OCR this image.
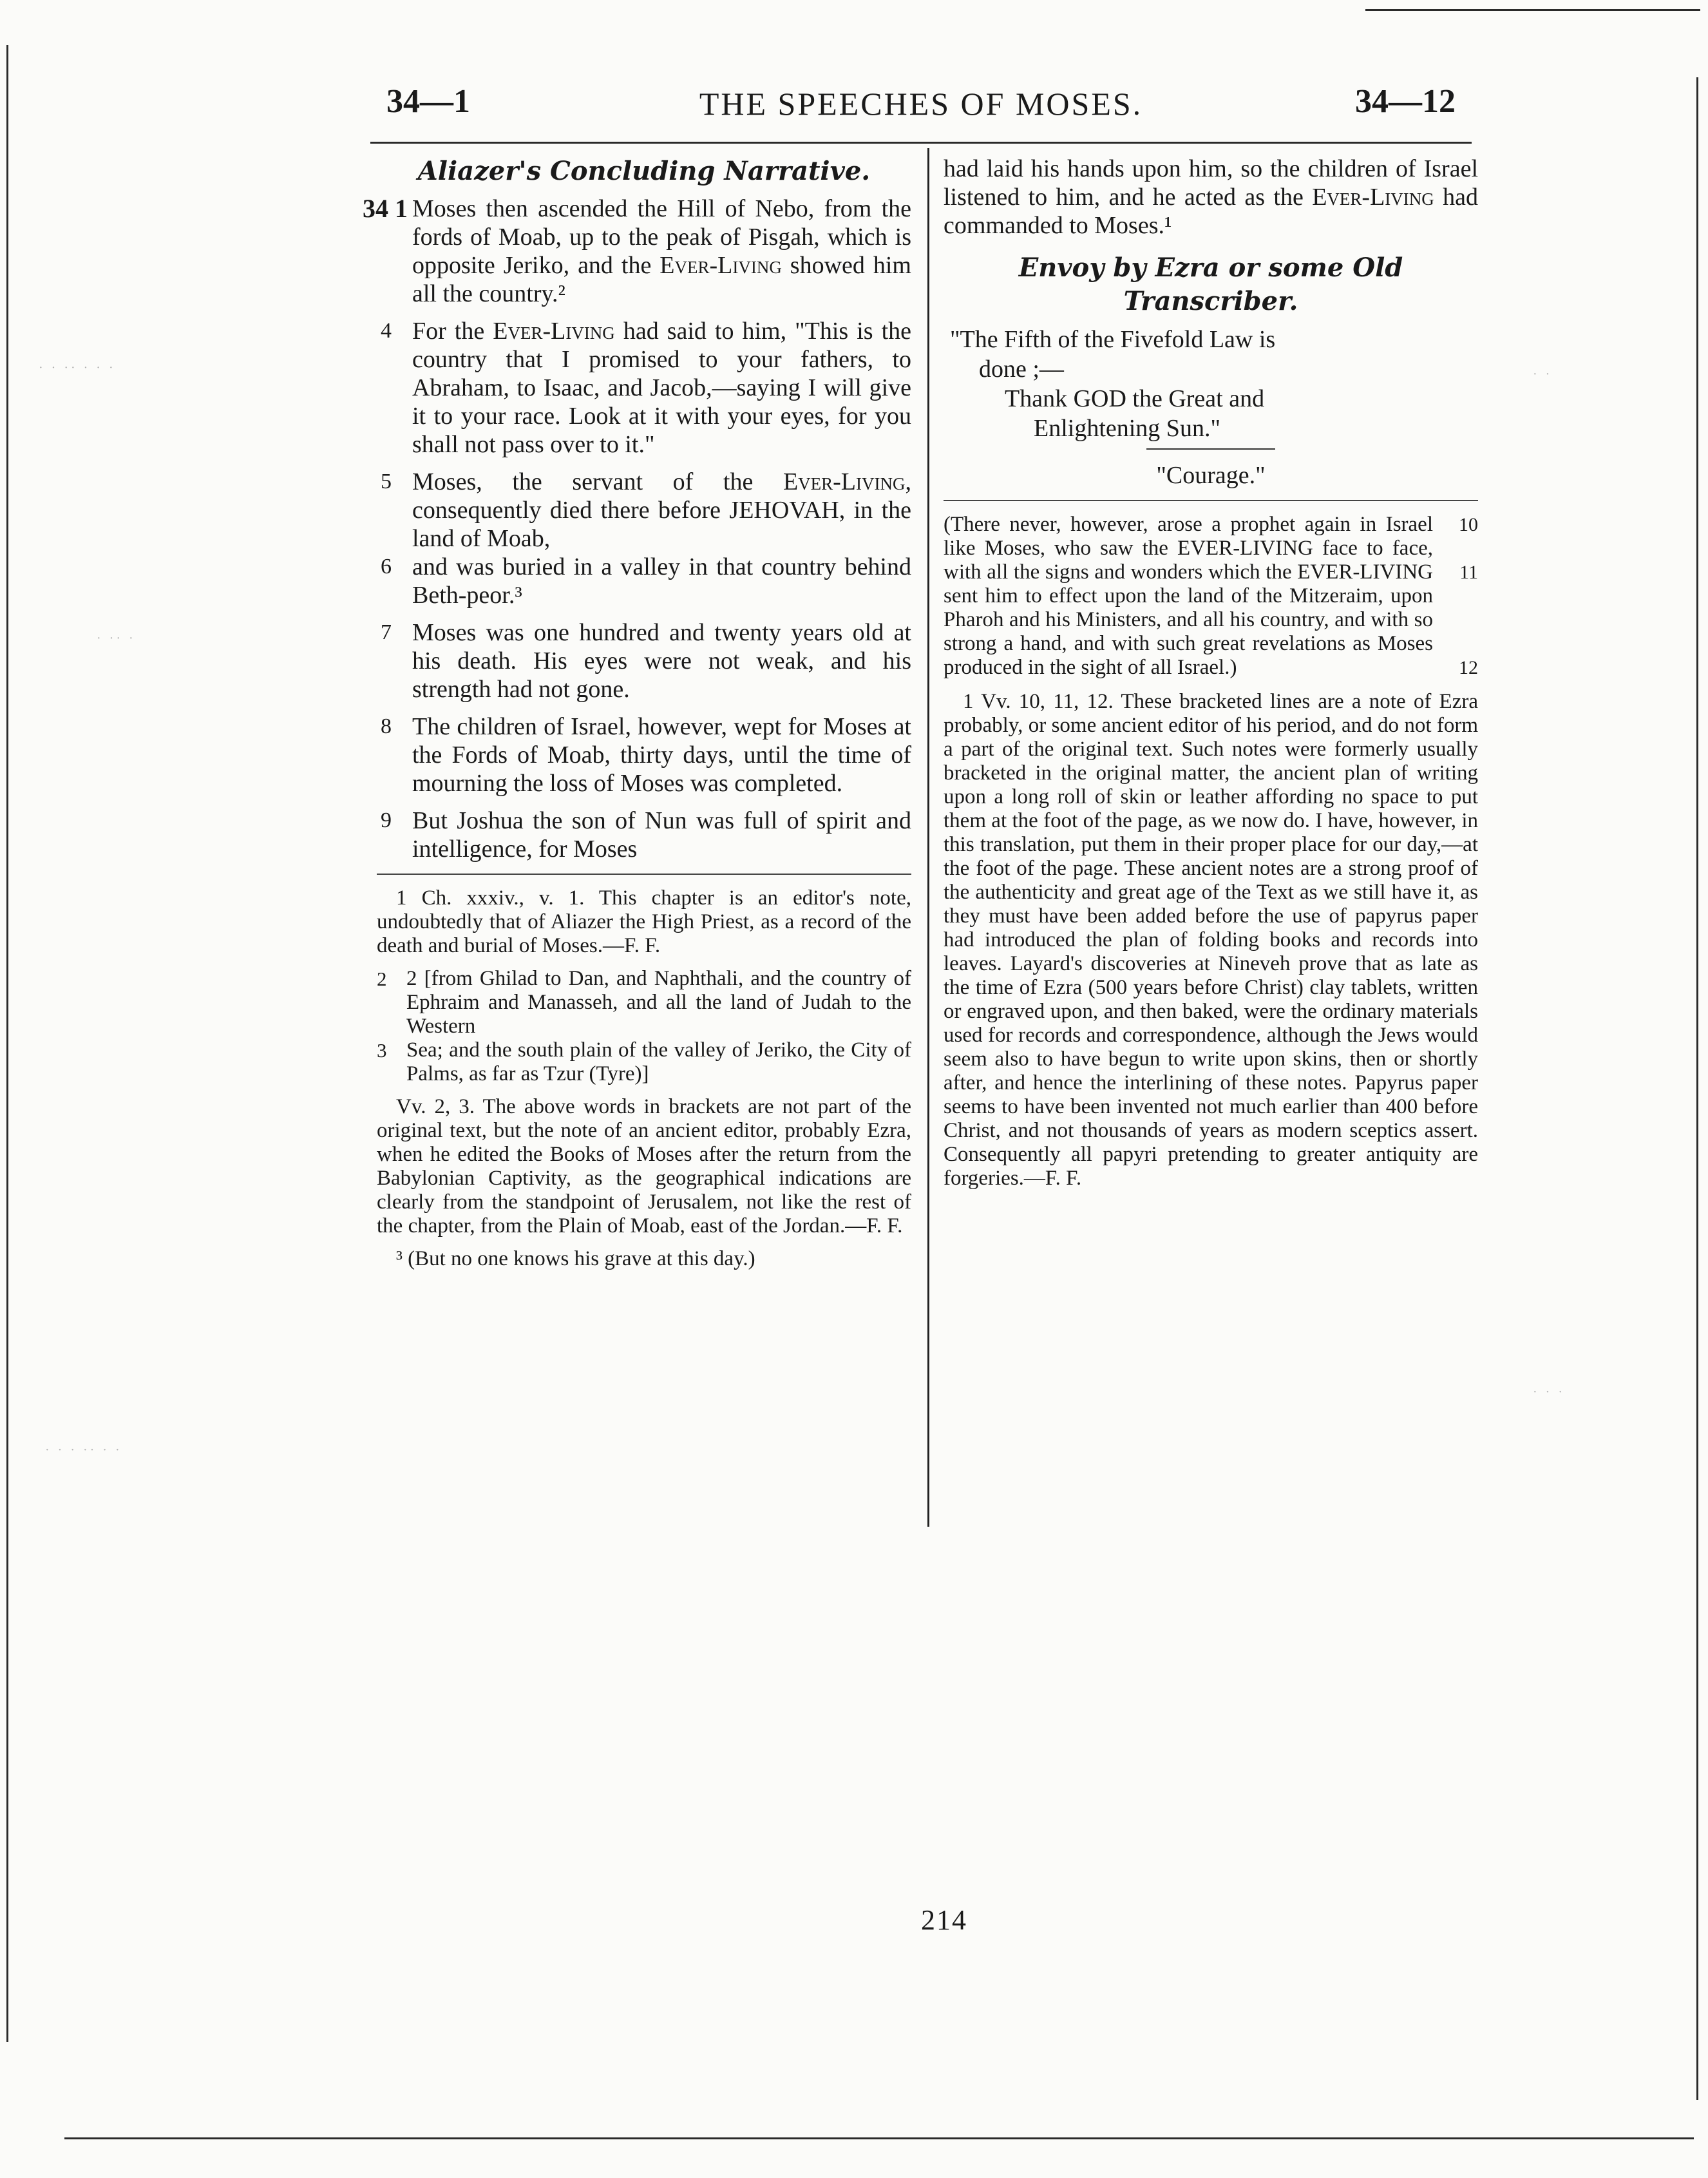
· · ·· · · ·
· ·· ·
· · · ·· · ·
· ·
· · ·
34—1	THE SPEECHES OF MOSES.	34—12
Aliazer's Concluding Narrative.
34 1 Moses then ascended the Hill of Nebo, from the fords of Moab, up to the peak of Pisgah, which is opposite Jeriko, and the Ever-Living showed him all the country.²
4 For the Ever-Living had said to him, "This is the country that I promised to your fathers, to Abraham, to Isaac, and Jacob,—saying I will give it to your race. Look at it with your eyes, for you shall not pass over to it."
5 Moses, the servant of the Ever-Living, consequently died there before JEHOVAH, in the land of Moab,
6 and was buried in a valley in that country behind Beth-peor.³
7 Moses was one hundred and twenty years old at his death. His eyes were not weak, and his strength had not gone.
8 The children of Israel, however, wept for Moses at the Fords of Moab, thirty days, until the time of mourning the loss of Moses was completed.
9 But Joshua the son of Nun was full of spirit and intelligence, for Moses
1 Ch. xxxiv., v. 1. This chapter is an editor's note, undoubtedly that of Aliazer the High Priest, as a record of the death and burial of Moses.—F. F.
2 2 [from Ghilad to Dan, and Naphthali, and the country of Ephraim and Manasseh, and all the land of Judah to the Western
3 Sea; and the south plain of the valley of Jeriko, the City of Palms, as far as Tzur (Tyre)]
Vv. 2, 3. The above words in brackets are not part of the original text, but the note of an ancient editor, probably Ezra, when he edited the Books of Moses after the return from the Babylonian Captivity, as the geographical indications are clearly from the standpoint of Jerusalem, not like the rest of the chapter, from the Plain of Moab, east of the Jordan.—F. F.
³ (But no one knows his grave at this day.)
had laid his hands upon him, so the children of Israel listened to him, and he acted as the Ever-Living had commanded to Moses.¹
Envoy by Ezra or some Old Transcriber.
"The Fifth of the Fivefold Law is
done ;—
Thank GOD the Great and
Enlightening Sun."
"Courage."
10
11
12
(There never, however, arose a prophet again in Israel like Moses, who saw the EVER-LIVING face to face, with all the signs and wonders which the EVER-LIVING sent him to effect upon the land of the Mitzeraim, upon Pharoh and his Ministers, and all his country, and with so strong a hand, and with such great revelations as Moses produced in the sight of all Israel.)
1 Vv. 10, 11, 12. These bracketed lines are a note of Ezra probably, or some ancient editor of his period, and do not form a part of the original text. Such notes were formerly usually bracketed in the original matter, the ancient plan of writing upon a long roll of skin or leather affording no space to put them at the foot of the page, as we now do. I have, however, in this translation, put them in their proper place for our day,—at the foot of the page. These ancient notes are a strong proof of the authenticity and great age of the Text as we still have it, as they must have been added before the use of papyrus paper had introduced the plan of folding books and records into leaves. Layard's discoveries at Nineveh prove that as late as the time of Ezra (500 years before Christ) clay tablets, written or engraved upon, and then baked, were the ordinary materials used for records and correspondence, although the Jews would seem also to have begun to write upon skins, then or shortly after, and hence the interlining of these notes. Papyrus paper seems to have been invented not much earlier than 400 before Christ, and not thousands of years as modern sceptics assert. Consequently all papyri pretending to greater antiquity are forgeries.—F. F.
214
